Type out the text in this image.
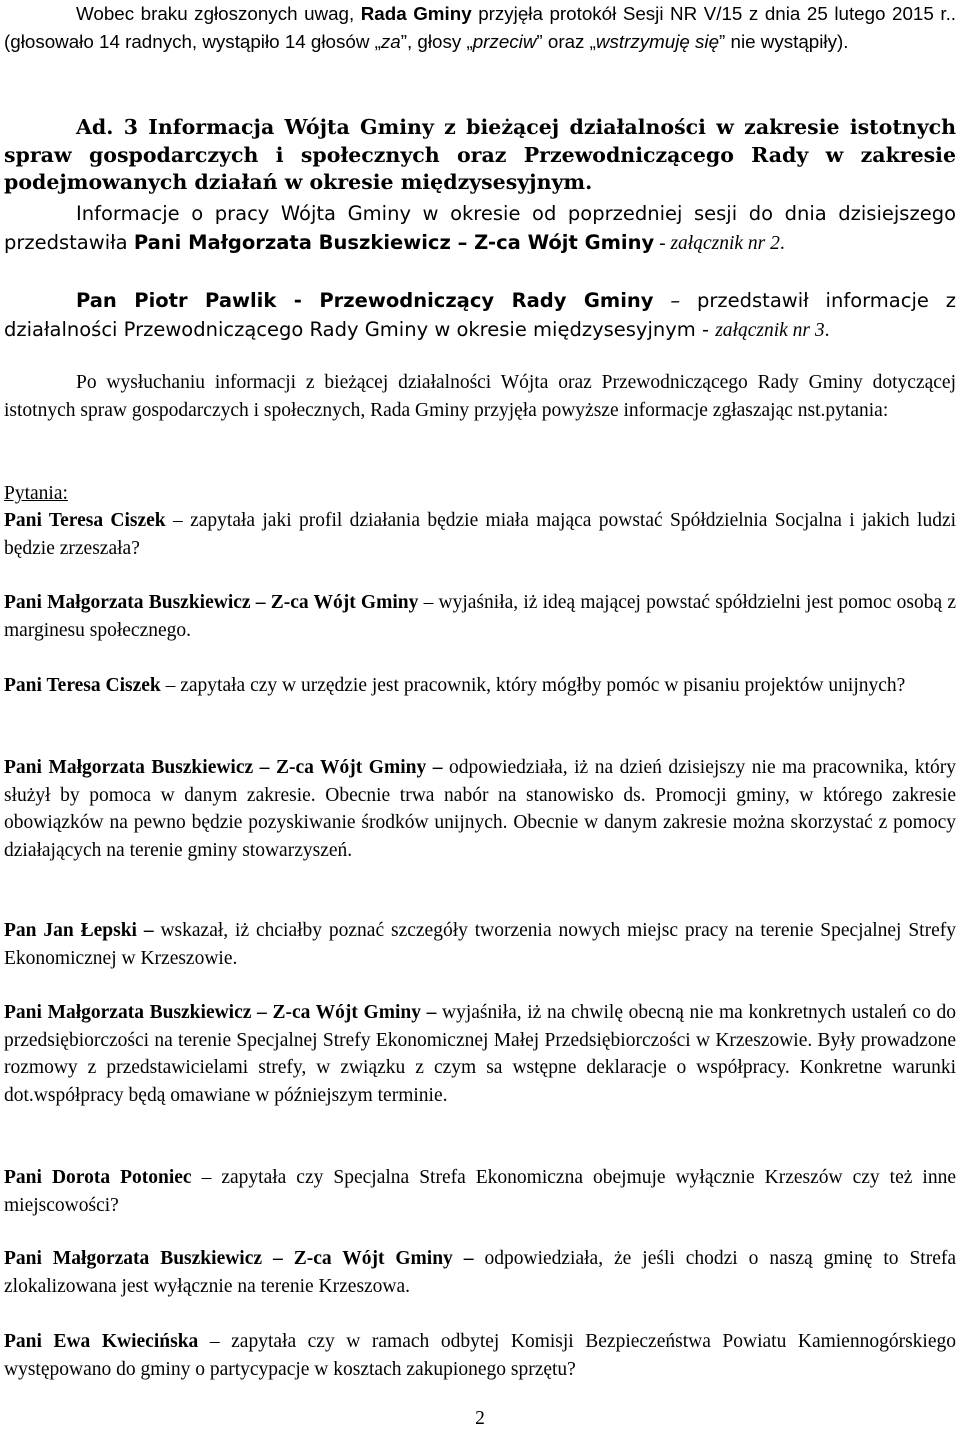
Wobec braku zgłoszonych uwag, Rada Gminy przyjęła protokół Sesji NR V/15 z dnia 25 lutego 2015 r.. (głosowało 14 radnych, wystąpiło 14 głosów „za”, głosy „przeciw” oraz „wstrzymuję się” nie wystąpiły).

Ad. 3 Informacja Wójta Gminy z bieżącej działalności w zakresie istotnych spraw gospodarczych i społecznych oraz Przewodniczącego Rady w zakresie podejmowanych działań w okresie międzysesyjnym.

Informacje o pracy Wójta Gminy w okresie od poprzedniej sesji do dnia dzisiejszego przedstawiła Pani Małgorzata Buszkiewicz – Z-ca Wójt Gminy - załącznik nr 2.

Pan Piotr Pawlik - Przewodniczący Rady Gminy – przedstawił informacje z działalności Przewodniczącego Rady Gminy w okresie międzysesyjnym - załącznik nr 3.

Po wysłuchaniu informacji z bieżącej działalności Wójta oraz Przewodniczącego Rady Gminy dotyczącej istotnych spraw gospodarczych i społecznych, Rada Gminy przyjęła powyższe informacje zgłaszając nst.pytania:

Pytania:

Pani Teresa Ciszek – zapytała jaki profil działania będzie miała mająca powstać Spółdzielnia Socjalna i jakich ludzi będzie zrzeszała?

Pani Małgorzata Buszkiewicz – Z-ca Wójt Gminy – wyjaśniła, iż ideą mającej powstać spółdzielni jest pomoc osobą z marginesu społecznego.

Pani Teresa Ciszek – zapytała czy w urzędzie jest pracownik, który mógłby pomóc w pisaniu projektów unijnych?

Pani Małgorzata Buszkiewicz – Z-ca Wójt Gminy – odpowiedziała, iż na dzień dzisiejszy nie ma pracownika, który służył by pomoca w danym zakresie. Obecnie trwa nabór na stanowisko ds. Promocji gminy, w którego zakresie obowiązków na pewno będzie pozyskiwanie środków unijnych. Obecnie w danym zakresie można skorzystać z pomocy działających na terenie gminy stowarzyszeń.

Pan Jan Łepski – wskazał, iż chciałby poznać szczegóły tworzenia nowych miejsc pracy na terenie Specjalnej Strefy Ekonomicznej w Krzeszowie.

Pani Małgorzata Buszkiewicz – Z-ca Wójt Gminy – wyjaśniła, iż na chwilę obecną nie ma konkretnych ustaleń co do przedsiębiorczości na terenie Specjalnej Strefy Ekonomicznej Małej Przedsiębiorczości w Krzeszowie. Były prowadzone rozmowy z przedstawicielami strefy, w związku z czym sa wstępne deklaracje o współpracy. Konkretne warunki dot.współpracy będą omawiane w późniejszym terminie.

Pani Dorota Potoniec – zapytała czy Specjalna Strefa Ekonomiczna obejmuje wyłącznie Krzeszów czy też inne miejscowości?

Pani Małgorzata Buszkiewicz – Z-ca Wójt Gminy – odpowiedziała, że jeśli chodzi o naszą gminę to Strefa zlokalizowana jest wyłącznie na terenie Krzeszowa.

Pani Ewa Kwiecińska – zapytała czy w ramach odbytej Komisji Bezpieczeństwa Powiatu Kamiennogórskiego występowano do gminy o partycypacje w kosztach zakupionego sprzętu?

2
